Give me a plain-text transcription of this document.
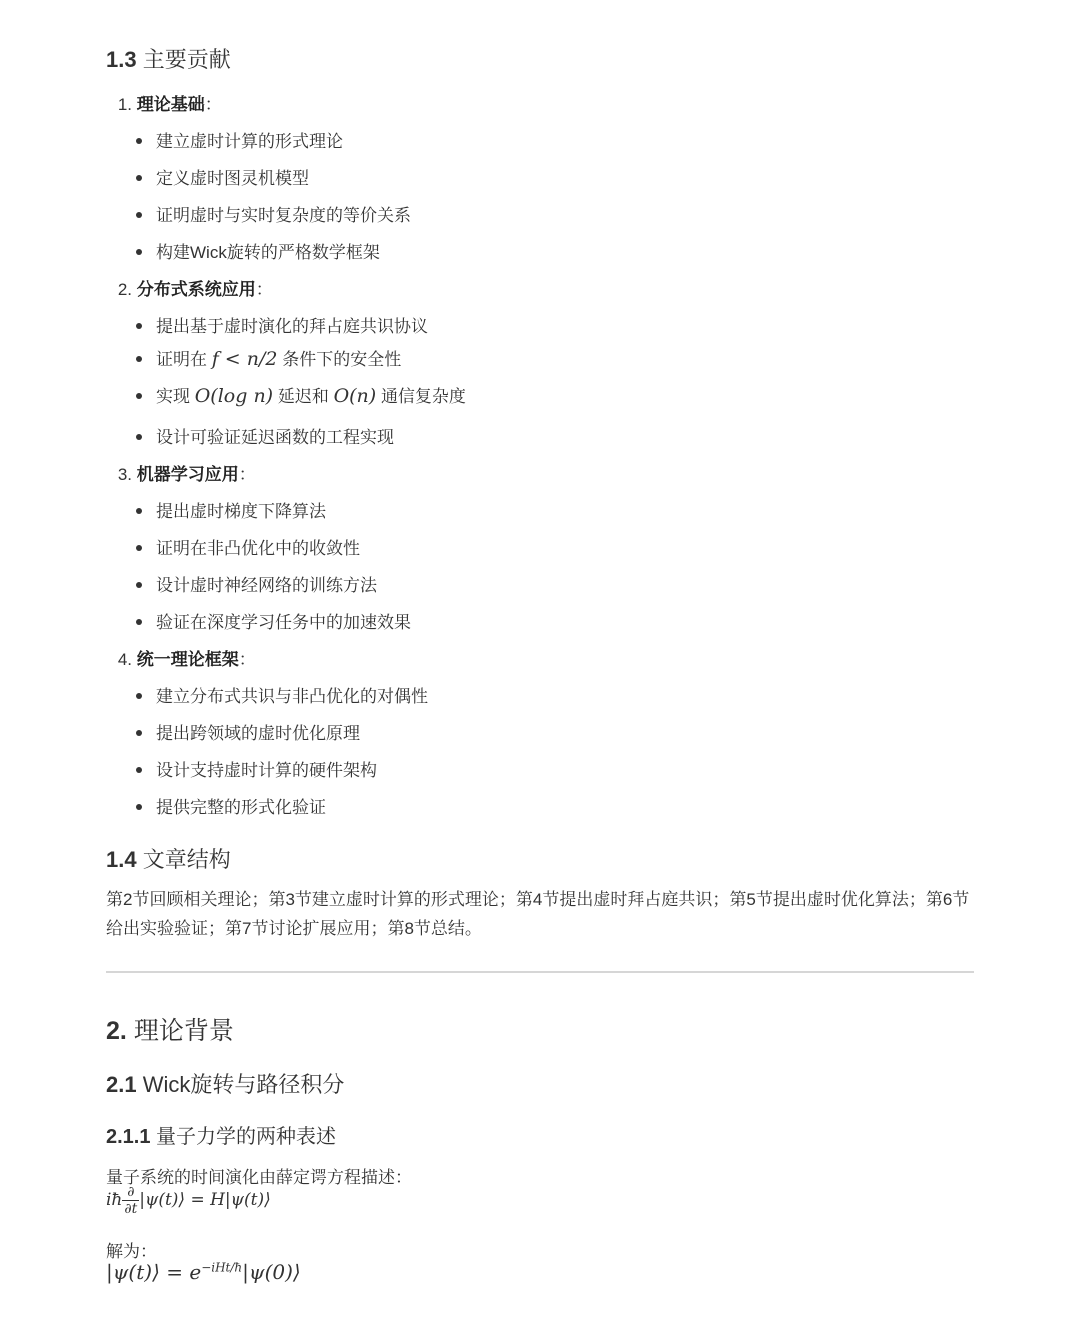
1.3 主要贡献
1. 理论基础：
建立虚时计算的形式理论
定义虚时图灵机模型
证明虚时与实时复杂度的等价关系
构建Wick旋转的严格数学框架
2. 分布式系统应用：
提出基于虚时演化的拜占庭共识协议
证明在 f < n/2 条件下的安全性
实现 O(log n) 延迟和 O(n) 通信复杂度
设计可验证延迟函数的工程实现
3. 机器学习应用：
提出虚时梯度下降算法
证明在非凸优化中的收敛性
设计虚时神经网络的训练方法
验证在深度学习任务中的加速效果
4. 统一理论框架：
建立分布式共识与非凸优化的对偶性
提出跨领域的虚时优化原理
设计支持虚时计算的硬件架构
提供完整的形式化验证
1.4 文章结构
第2节回顾相关理论；第3节建立虚时计算的形式理论；第4节提出虚时拜占庭共识；第5节提出虚时优化算法；第6节给出实验验证；第7节讨论扩展应用；第8节总结。
2. 理论背景
2.1 Wick旋转与路径积分
2.1.1 量子力学的两种表述
量子系统的时间演化由薛定谔方程描述：
iħ $\frac{\partial}{\partial t}$ |ψ(t)⟩ = H|ψ(t)⟩
解为：
|ψ(t)⟩ = $e^{-iHt/ħ}|\psi(0)⟩$
